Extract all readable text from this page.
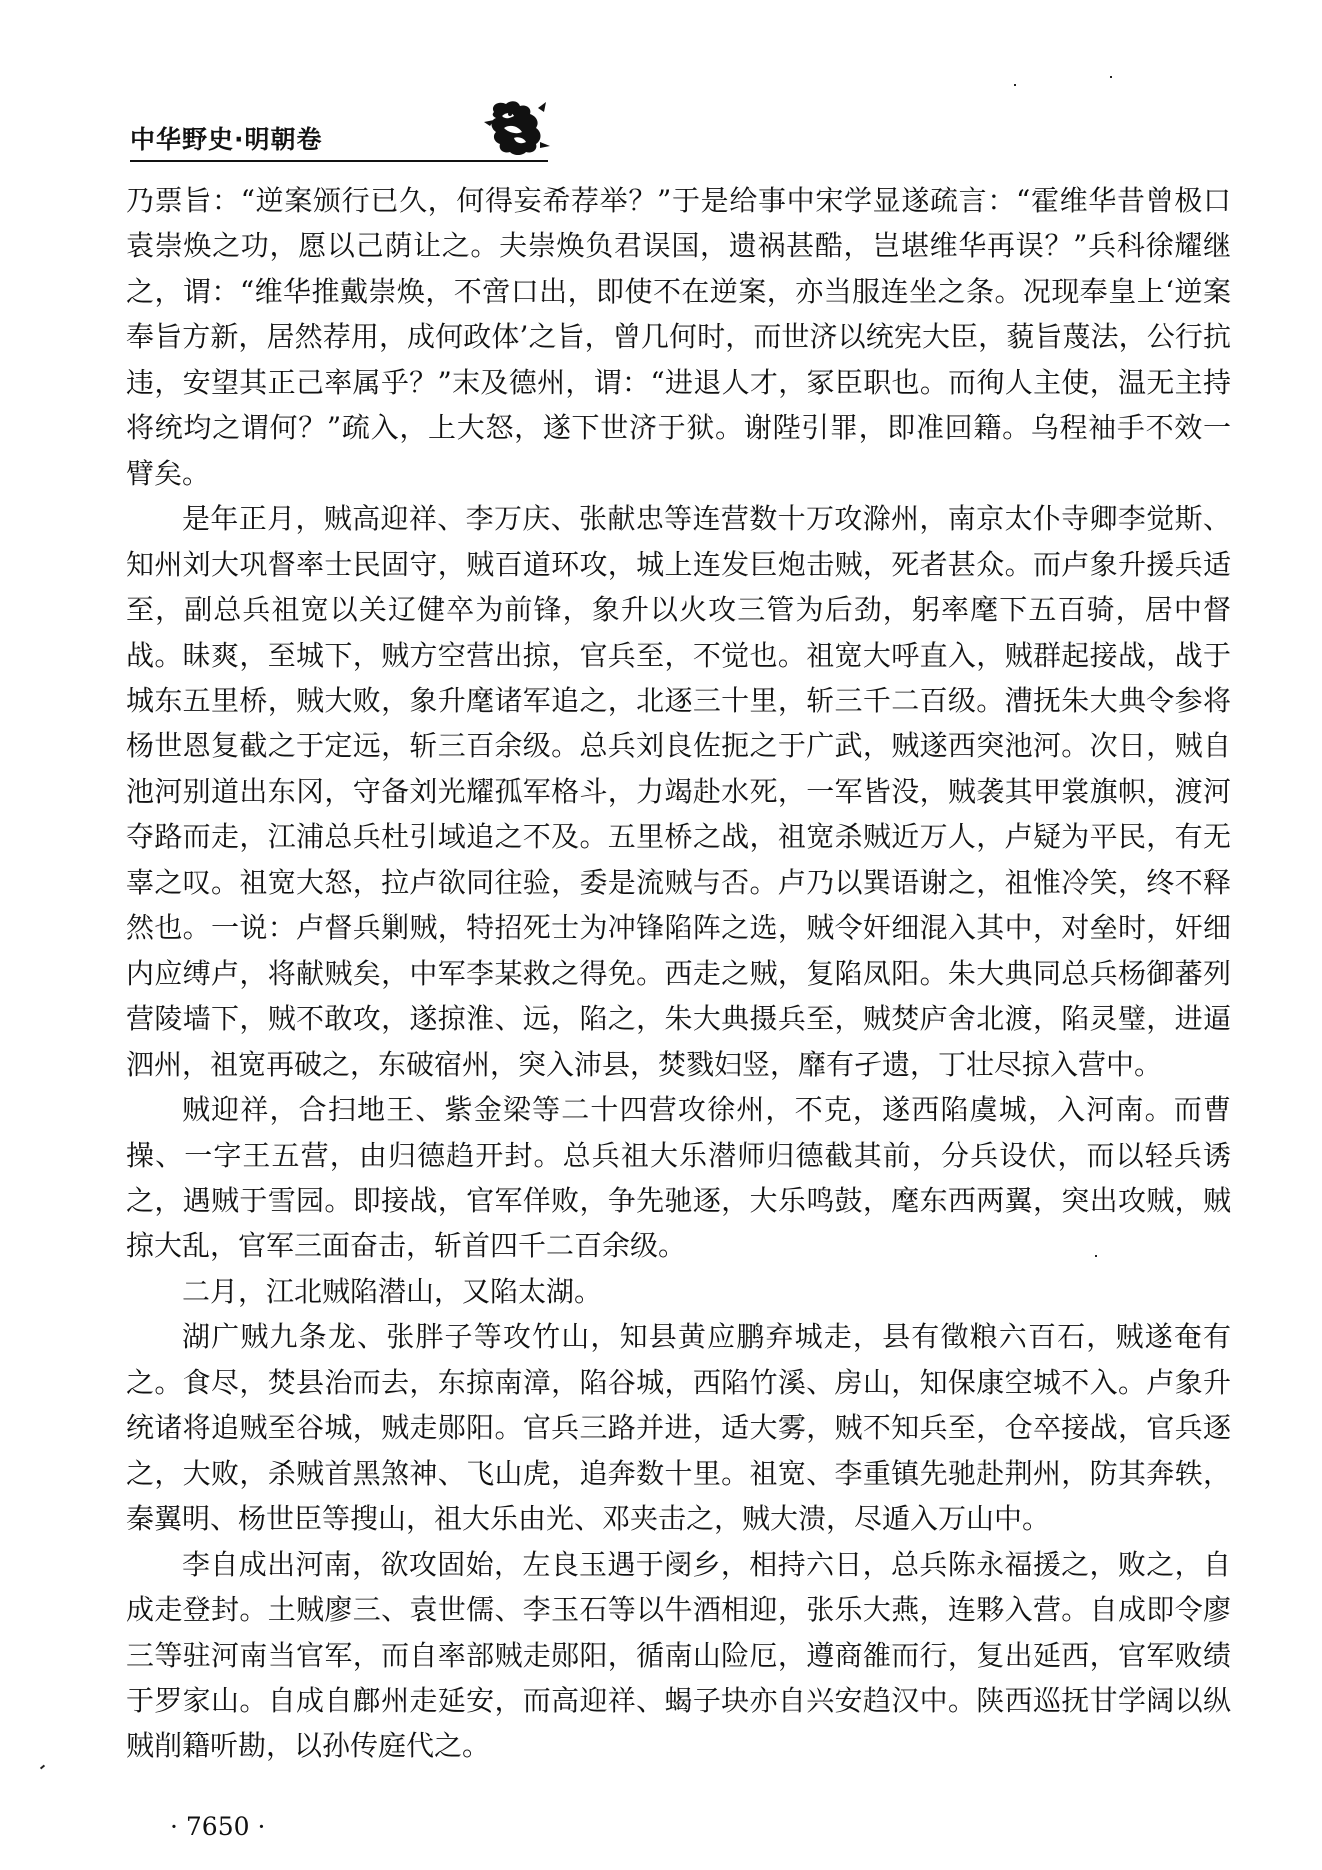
中华野史·明朝卷

乃票旨：“逆案颁行已久，何得妄希荐举？”于是给事中宋学显遂疏言：“霍维华昔曾极口袁崇焕之功，愿以己荫让之。夫崇焕负君误国，遗祸甚酷，岂堪维华再误？”兵科徐耀继之，谓：“维华推戴崇焕，不啻口出，即使不在逆案，亦当服连坐之条。况现奉皇上‘逆案奉旨方新，居然荐用，成何政体’之旨，曾几何时，而世济以统宪大臣，藐旨蔑法，公行抗违，安望其正己率属乎？”末及德州，谓：“进退人才，冢臣职也。而徇人主使，温无主持将统均之谓何？”疏入，上大怒，遂下世济于狱。谢陛引罪，即准回籍。乌程袖手不效一臂矣。

是年正月，贼高迎祥、李万庆、张献忠等连营数十万攻滁州，南京太仆寺卿李觉斯、知州刘大巩督率士民固守，贼百道环攻，城上连发巨炮击贼，死者甚众。而卢象升援兵适至，副总兵祖宽以关辽健卒为前锋，象升以火攻三管为后劲，躬率麾下五百骑，居中督战。昧爽，至城下，贼方空营出掠，官兵至，不觉也。祖宽大呼直入，贼群起接战，战于城东五里桥，贼大败，象升麾诸军追之，北逐三十里，斩三千二百级。漕抚朱大典令参将杨世恩复截之于定远，斩三百余级。总兵刘良佐扼之于广武，贼遂西突池河。次日，贼自池河别道出东冈，守备刘光耀孤军格斗，力竭赴水死，一军皆没，贼袭其甲裳旗帜，渡河夺路而走，江浦总兵杜引域追之不及。五里桥之战，祖宽杀贼近万人，卢疑为平民，有无辜之叹。祖宽大怒，拉卢欲同往验，委是流贼与否。卢乃以巽语谢之，祖惟冷笑，终不释然也。一说：卢督兵剿贼，特招死士为冲锋陷阵之选，贼令奸细混入其中，对垒时，奸细内应缚卢，将献贼矣，中军李某救之得免。西走之贼，复陷凤阳。朱大典同总兵杨御蕃列营陵墙下，贼不敢攻，遂掠淮、远，陷之，朱大典摄兵至，贼焚庐舍北渡，陷灵璧，进逼泗州，祖宽再破之，东破宿州，突入沛县，焚戮妇竖，靡有孑遗，丁壮尽掠入营中。

贼迎祥，合扫地王、紫金梁等二十四营攻徐州，不克，遂西陷虞城，入河南。而曹操、一字王五营，由归德趋开封。总兵祖大乐潜师归德截其前，分兵设伏，而以轻兵诱之，遇贼于雪园。即接战，官军佯败，争先驰逐，大乐鸣鼓，麾东西两翼，突出攻贼，贼掠大乱，官军三面奋击，斩首四千二百余级。

二月，江北贼陷潜山，又陷太湖。

湖广贼九条龙、张胖子等攻竹山，知县黄应鹏弃城走，县有徵粮六百石，贼遂奄有之。食尽，焚县治而去，东掠南漳，陷谷城，西陷竹溪、房山，知保康空城不入。卢象升统诸将追贼至谷城，贼走郧阳。官兵三路并进，适大雾，贼不知兵至，仓卒接战，官兵逐之，大败，杀贼首黑煞神、飞山虎，追奔数十里。祖宽、李重镇先驰赴荆州，防其奔轶，秦翼明、杨世臣等搜山，祖大乐由光、邓夹击之，贼大溃，尽遁入万山中。

李自成出河南，欲攻固始，左良玉遇于阌乡，相持六日，总兵陈永福援之，败之，自成走登封。土贼廖三、袁世儒、李玉石等以牛酒相迎，张乐大燕，连夥入营。自成即令廖三等驻河南当官军，而自率部贼走郧阳，循南山险厄，遵商雒而行，复出延西，官军败绩于罗家山。自成自鄜州走延安，而高迎祥、蝎子块亦自兴安趋汉中。陕西巡抚甘学阔以纵贼削籍听勘，以孙传庭代之。

· 7650 ·
